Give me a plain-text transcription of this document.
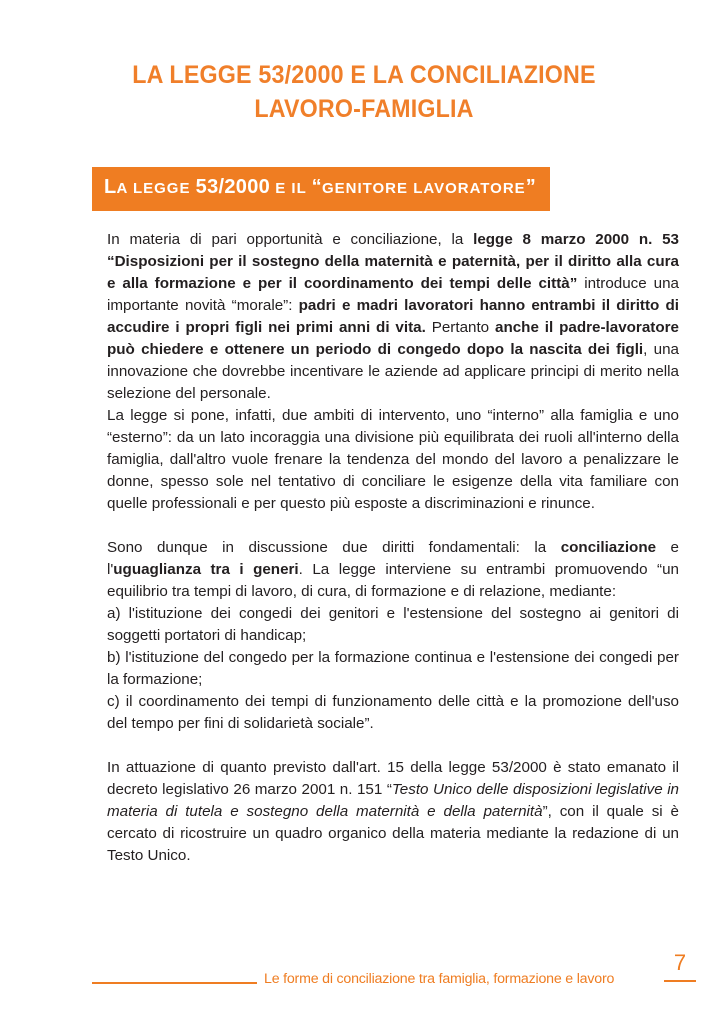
LA LEGGE 53/2000 E LA CONCILIAZIONE
LAVORO-FAMIGLIA
LA LEGGE 53/2000 E IL “GENITORE LAVORATORE”

In materia di pari opportunità e conciliazione, la legge 8 marzo 2000 n. 53 “Disposizioni per il sostegno della maternità e paternità, per il diritto alla cura e alla formazione e per il coordinamento dei tempi delle città” introduce una importante novità “morale”: padri e madri lavoratori hanno entrambi il diritto di accudire i propri figli nei primi anni di vita. Pertanto anche il padre-lavoratore può chiedere e ottenere un periodo di congedo dopo la nascita dei figli, una innovazione che dovrebbe incentivare le aziende ad applicare principi di merito nella selezione del personale.

La legge si pone, infatti, due ambiti di intervento, uno “interno” alla famiglia e uno “esterno”: da un lato incoraggia una divisione più equilibrata dei ruoli all'interno della famiglia, dall'altro vuole frenare la tendenza del mondo del lavoro a penalizzare le donne, spesso sole nel tentativo di conciliare le esigenze della vita familiare con quelle professionali e per questo più esposte a discriminazioni e rinunce.

Sono dunque in discussione due diritti fondamentali: la conciliazione e l'uguaglianza tra i generi. La legge interviene su entrambi promuovendo “un equilibrio tra tempi di lavoro, di cura, di formazione e di relazione, mediante:

a) l'istituzione dei congedi dei genitori e l'estensione del sostegno ai genitori di soggetti portatori di handicap;

b) l'istituzione del congedo per la formazione continua e l'estensione dei congedi per la formazione;

c) il coordinamento dei tempi di funzionamento delle città e la promozione dell'uso del tempo per fini di solidarietà sociale”.

In attuazione di quanto previsto dall'art. 15 della legge 53/2000 è stato emanato il decreto legislativo 26 marzo 2001 n. 151 “Testo Unico delle disposizioni legislative in materia di tutela e sostegno della maternità e della paternità”, con il quale si è cercato di ricostruire un quadro organico della materia mediante la redazione di un Testo Unico.

Le forme di conciliazione tra famiglia, formazione e lavoro
7
